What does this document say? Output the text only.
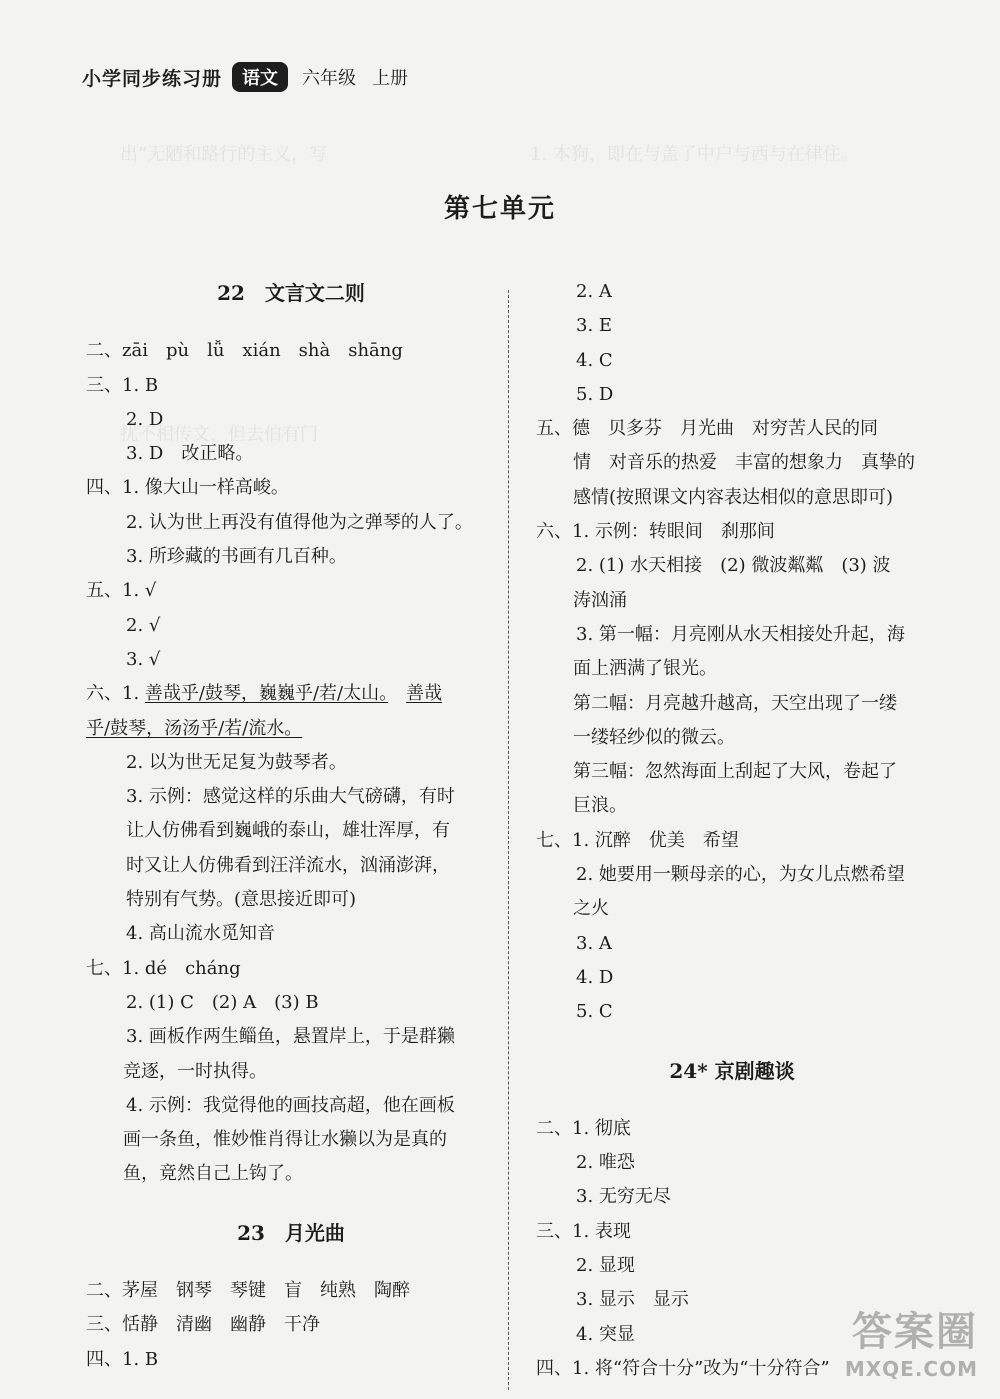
出“无陋和路行的主义，写	1. 本狗，即在与盖了中户与西与在律住。
扰不相传文，但去伯有门
小学同步练习册	语文	六年级 上册
第七单元
22　文言文二则
二、zāi　pù　lǚ　xián　shà　shāng
三、1. B
2. D
3. D　改正略。
四、1. 像大山一样高峻。
2. 认为世上再没有值得他为之弹琴的人了。
3. 所珍藏的书画有几百种。
五、1. √
2. √
3. √
六、1. 善哉乎/鼓琴，巍巍乎/若/太山。　 善哉
乎/鼓琴，汤汤乎/若/流水。
2. 以为世无足复为鼓琴者。
3. 示例：感觉这样的乐曲大气磅礴，有时
让人仿佛看到巍峨的泰山，雄壮浑厚，有
时又让人仿佛看到汪洋流水，汹涌澎湃，
特别有气势。(意思接近即可)
4. 高山流水觅知音
七、1. dé　cháng
2. (1) C　(2) A　(3) B
3. 画板作两生鲻鱼，悬置岸上，于是群獭
竞逐，一时执得。
4. 示例：我觉得他的画技高超，他在画板
画一条鱼，惟妙惟肖得让水獭以为是真的
鱼，竟然自己上钩了。
23　月光曲
二、茅屋　钢琴　琴键　盲　纯熟　陶醉
三、恬静　清幽　幽静　干净
四、1. B
2. A
3. E
4. C
5. D
五、德　贝多芬　月光曲　对穷苦人民的同
情　对音乐的热爱　丰富的想象力　真挚的
感情(按照课文内容表达相似的意思即可)
六、1. 示例：转眼间　刹那间
2. (1) 水天相接　(2) 微波粼粼　(3) 波
涛汹涌
3. 第一幅：月亮刚从水天相接处升起，海
面上洒满了银光。
第二幅：月亮越升越高，天空出现了一缕
一缕轻纱似的微云。
第三幅：忽然海面上刮起了大风，卷起了
巨浪。
七、1. 沉醉　优美　希望
2. 她要用一颗母亲的心，为女儿点燃希望
之火
3. A
4. D
5. C
24* 京剧趣谈
二、1. 彻底
2. 唯恐
3. 无穷无尽
三、1. 表现
2. 显现
3. 显示　显示
4. 突显
四、1. 将“符合十分”改为“十分符合”
答案圈
MXQE.COM
